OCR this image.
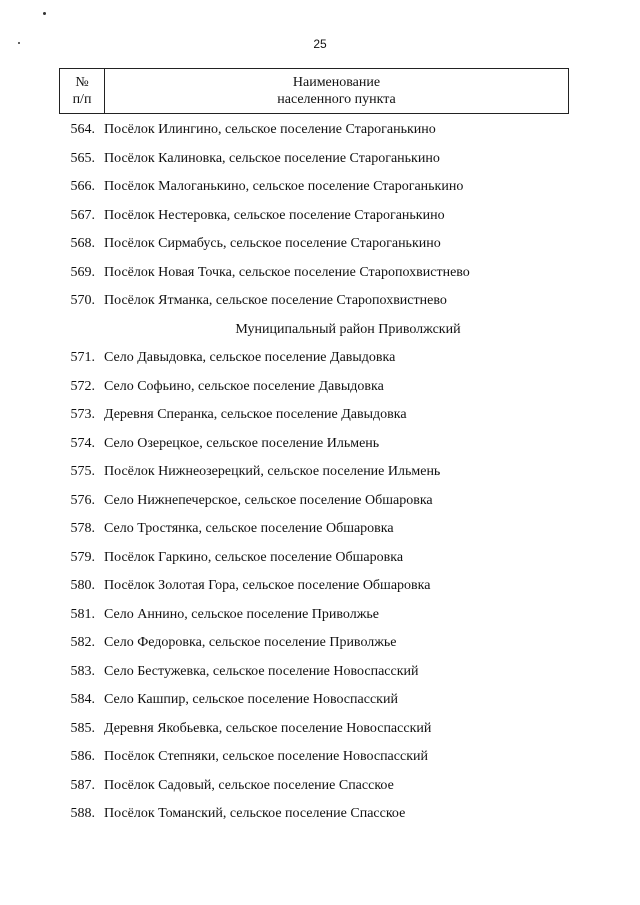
25
№
п/п
Наименование
населенного пункта
564. Посёлок Илингино, сельское поселение Староганькино
565. Посёлок Калиновка, сельское поселение Староганькино
566. Посёлок Малоганькино, сельское поселение Староганькино
567. Посёлок Нестеровка, сельское поселение Староганькино
568. Посёлок Сирмабусь, сельское поселение Староганькино
569. Посёлок Новая Точка, сельское поселение Старопохвистнево
570. Посёлок Ятманка, сельское поселение Старопохвистнево
Муниципальный район Приволжский
571. Село Давыдовка, сельское поселение Давыдовка
572. Село Софьино, сельское поселение Давыдовка
573. Деревня Сперанка, сельское поселение Давыдовка
574. Село Озерецкое, сельское поселение Ильмень
575. Посёлок Нижнеозерецкий, сельское поселение Ильмень
576. Село Нижнепечерское, сельское поселение Обшаровка
578. Село Тростянка, сельское поселение Обшаровка
579. Посёлок Гаркино, сельское поселение Обшаровка
580. Посёлок Золотая Гора, сельское поселение Обшаровка
581. Село Аннино, сельское поселение Приволжье
582. Село Федоровка, сельское поселение Приволжье
583. Село Бестужевка, сельское поселение Новоспасский
584. Село Кашпир, сельское поселение Новоспасский
585. Деревня Якобьевка, сельское поселение Новоспасский
586. Посёлок Степняки, сельское поселение Новоспасский
587. Посёлок Садовый, сельское поселение Спасское
588. Посёлок Томанский, сельское поселение Спасское
